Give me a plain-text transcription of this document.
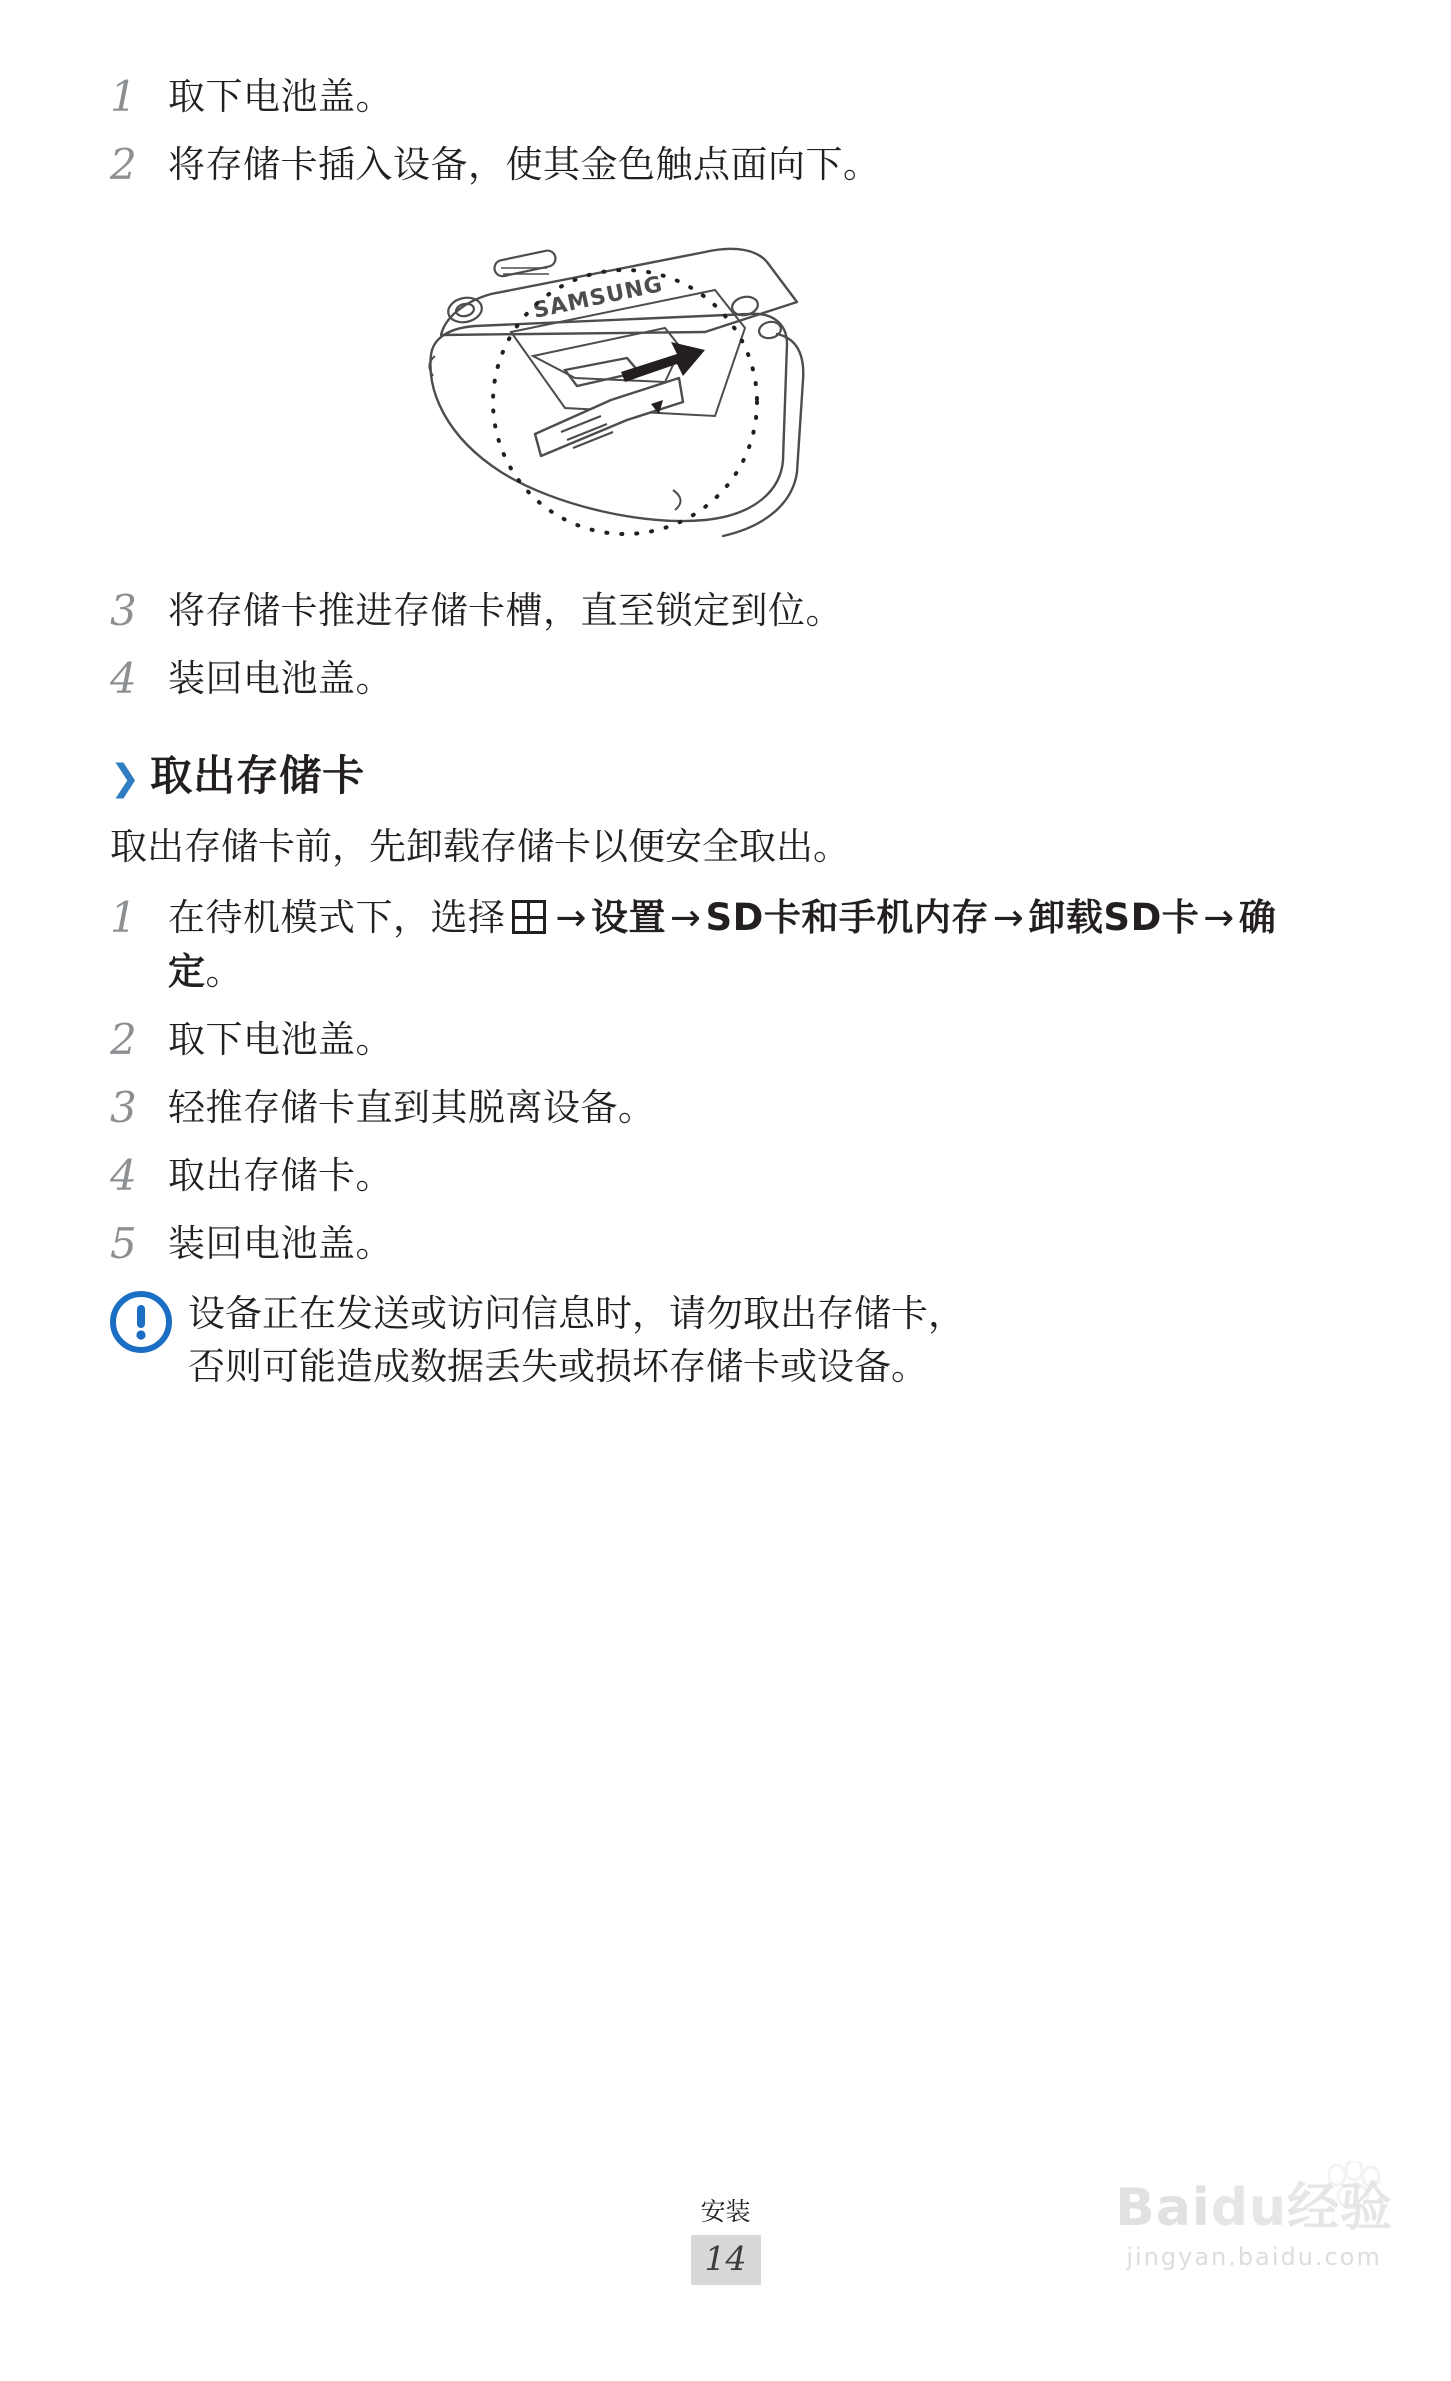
1 取下电池盖。
2 将存储卡插入设备，使其金色触点面向下。
SAMSUNG
3 将存储卡推进存储卡槽，直至锁定到位。
4 装回电池盖。
❯ 取出存储卡
取出存储卡前，先卸载存储卡以便安全取出。
1 在待机模式下，选择 → 设置 → SD卡和手机内存 → 卸载SD卡 → 确定。
2 取下电池盖。
3 轻推存储卡直到其脱离设备。
4 取出存储卡。
5 装回电池盖。
设备正在发送或访问信息时，请勿取出存储卡，
否则可能造成数据丢失或损坏存储卡或设备。
安装
14
Baidu经验
jingyan.baidu.com
